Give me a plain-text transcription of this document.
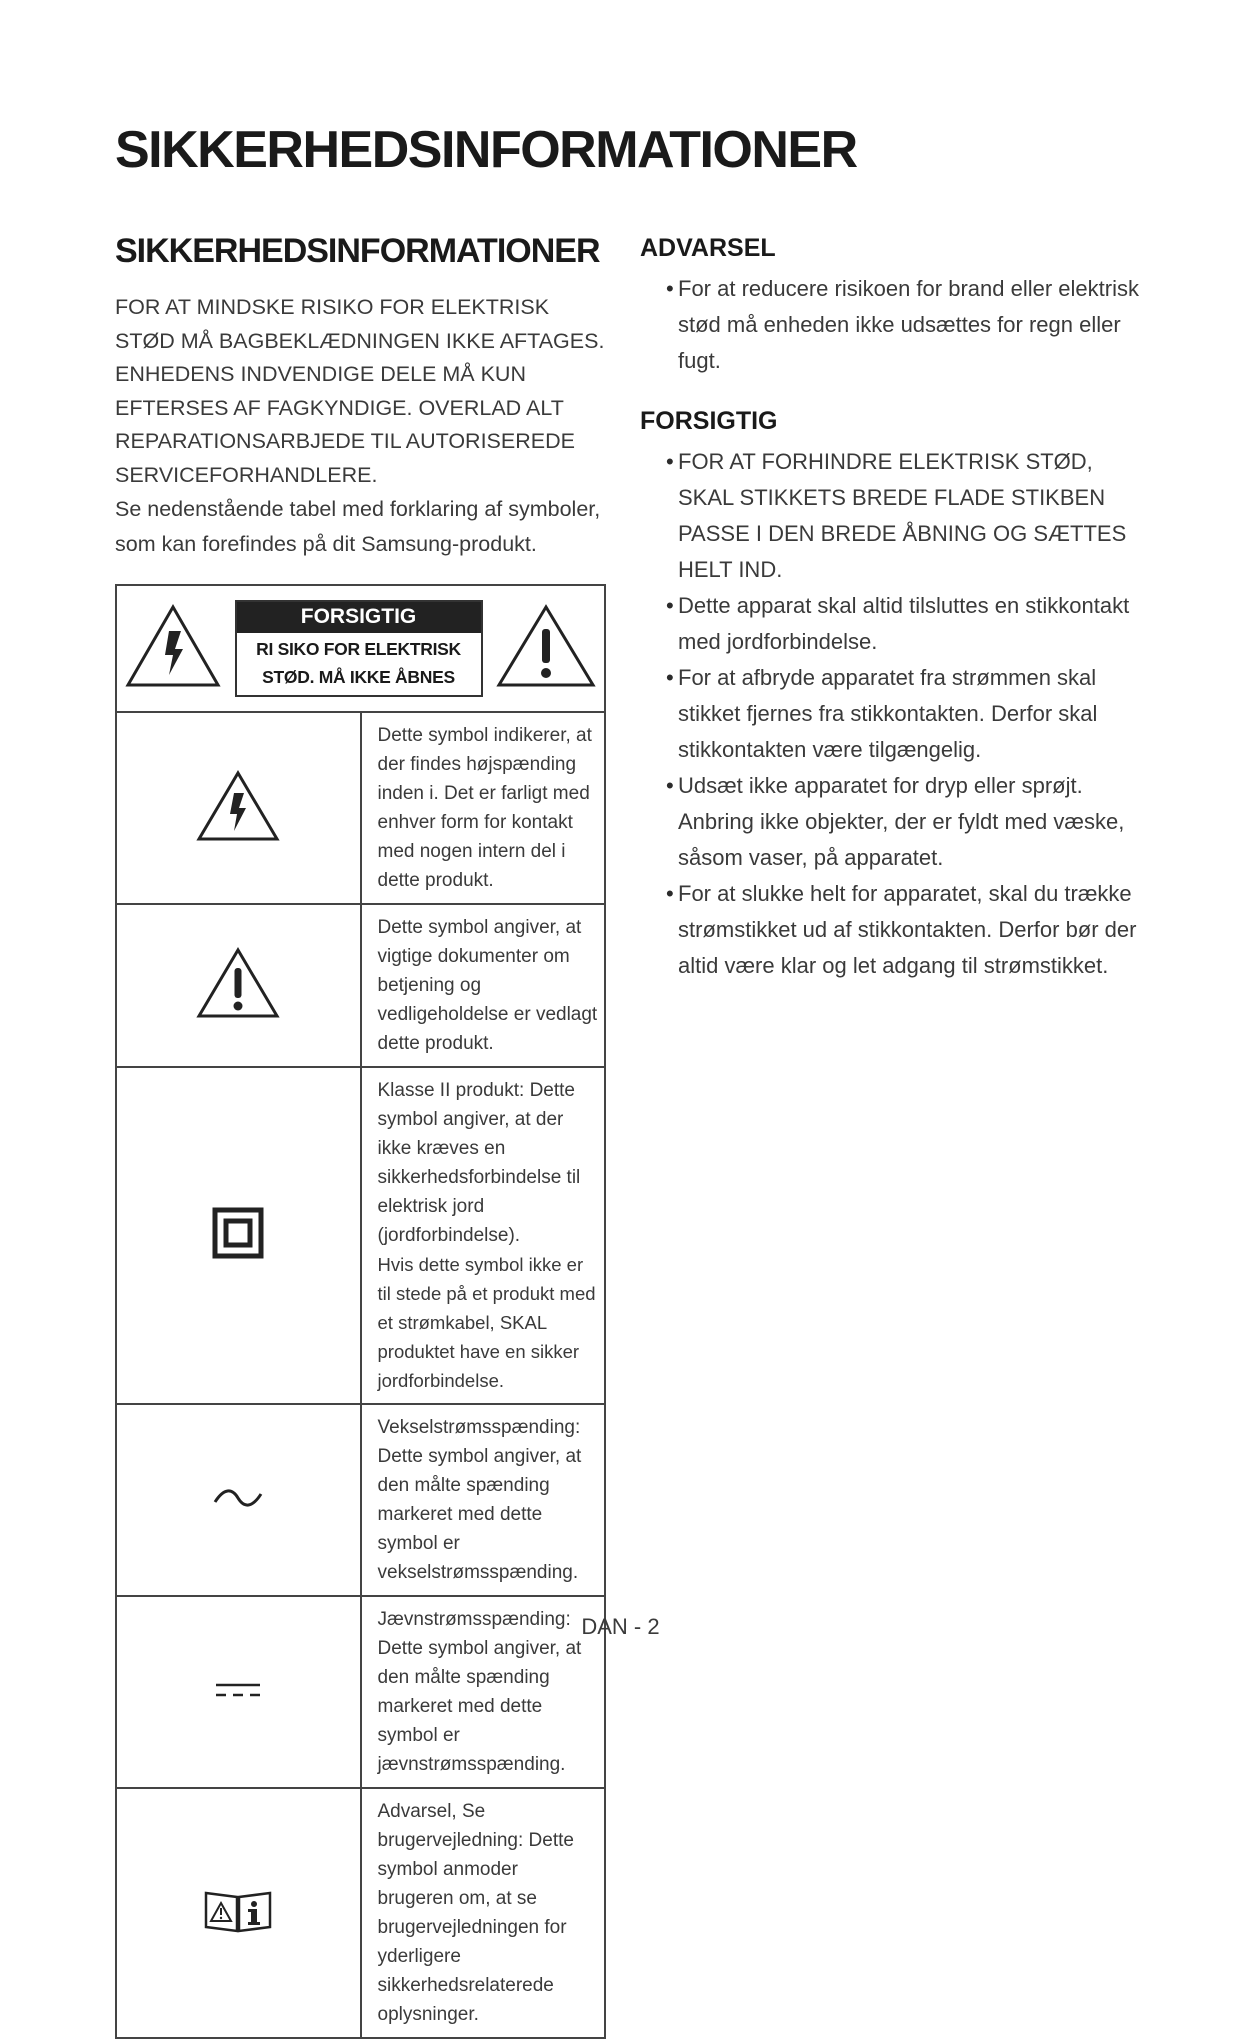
SIKKERHEDSINFORMATIONER
SIKKERHEDSINFORMATIONER

FOR AT MINDSKE RISIKO FOR ELEKTRISK STØD MÅ BAGBEKLÆDNINGEN IKKE AFTAGES. ENHEDENS INDVENDIGE DELE MÅ KUN EFTERSES AF FAGKYNDIGE. OVERLAD ALT REPARATIONSARBJEDE TIL AUTORISEREDE SERVICEFORHANDLERE.

Se nedenstående tabel med forklaring af symboler, som kan forefindes på dit Samsung-produkt.

FORSIGTIG
RI SIKO FOR ELEKTRISK STØD. MÅ IKKE ÅBNES	

	Dette symbol indikerer, at der findes højspænding inden i. Det er farligt med enhver form for kontakt med nogen intern del i dette produkt.
	Dette symbol angiver, at vigtige dokumenter om betjening og vedligeholdelse er vedlagt dette produkt.

Klasse II produkt: Dette symbol angiver, at der ikke kræves en sikkerhedsforbindelse til elektrisk jord (jordforbindelse).
Hvis dette symbol ikke er til stede på et produkt med et strømkabel, SKAL produktet have en sikker jordforbindelse.

	Vekselstrømsspænding: Dette symbol angiver, at den målte spænding markeret med dette symbol er vekselstrømsspænding.
	Jævnstrømsspænding: Dette symbol angiver, at den målte spænding markeret med dette symbol er jævnstrømsspænding.
	Advarsel, Se brugervejledning: Dette symbol anmoder brugeren om, at se brugervejledningen for yderligere sikkerhedsrelaterede oplysninger.
ADVARSEL
• For at reducere risikoen for brand eller elektrisk stød må enheden ikke udsættes for regn eller fugt.
FORSIGTIG
• FOR AT FORHINDRE ELEKTRISK STØD, SKAL STIKKETS BREDE FLADE STIKBEN PASSE I DEN BREDE ÅBNING OG SÆTTES HELT IND.
• Dette apparat skal altid tilsluttes en stikkontakt med jordforbindelse.
• For at afbryde apparatet fra strømmen skal stikket fjernes fra stikkontakten. Derfor skal stikkontakten være tilgængelig.
• Udsæt ikke apparatet for dryp eller sprøjt. Anbring ikke objekter, der er fyldt med væske, såsom vaser, på apparatet.
• For at slukke helt for apparatet, skal du trække strømstikket ud af stikkontakten. Derfor bør der altid være klar og let adgang til strømstikket.
DAN - 2
